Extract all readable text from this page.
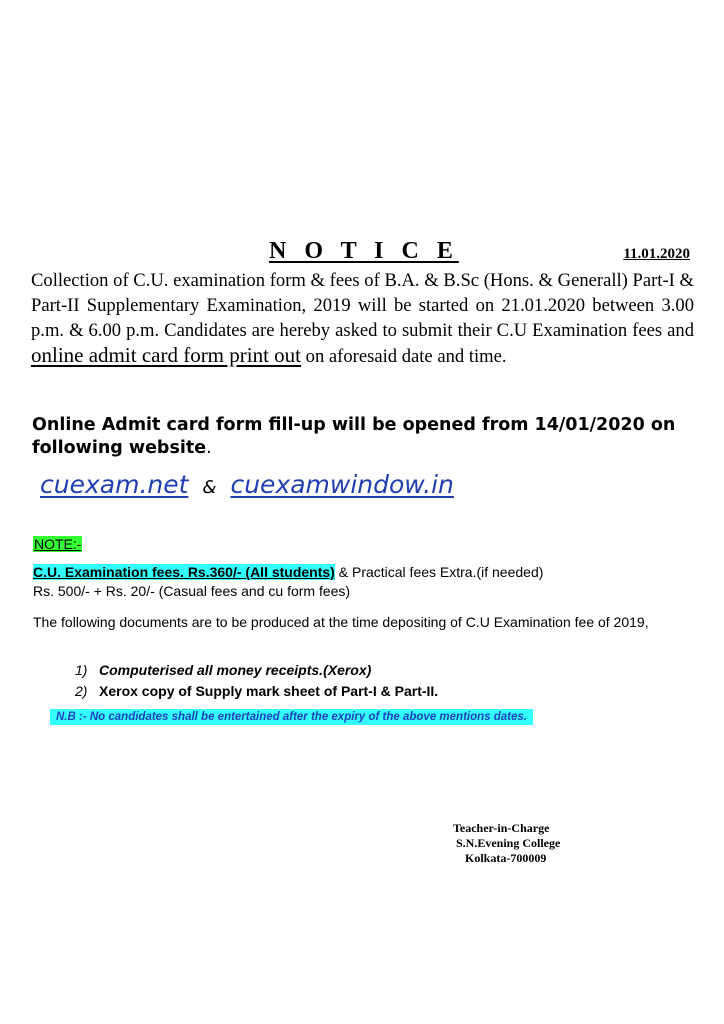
N O T I C E	11.01.2020

Collection of C.U. examination form & fees of B.A. & B.Sc (Hons. & Generall) Part-I & Part-II Supplementary Examination, 2019 will be started on 21.01.2020 between 3.00 p.m. & 6.00 p.m. Candidates are hereby asked to submit their C.U Examination fees and online admit card form print out on aforesaid date and time.

Online Admit card form fill-up will be opened from 14/01/2020 on following website.

cuexam.net & cuexamwindow.in
NOTE:-
C.U. Examination fees. Rs.360/- (All students) & Practical fees Extra.(if needed)
Rs. 500/- + Rs. 20/- (Casual fees and cu form fees)

The following documents are to be produced at the time depositing of C.U Examination fee of 2019,

1) Computerised all money receipts.(Xerox)
2) Xerox copy of Supply mark sheet of Part-I & Part-II.
N.B :- No candidates shall be entertained after the expiry of the above mentions dates.
Teacher-in-Charge
S.N.Evening College
Kolkata-700009
